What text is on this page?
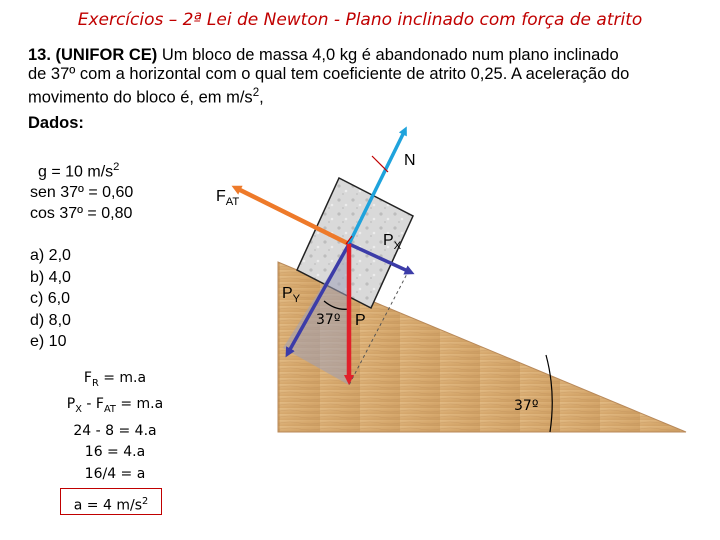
Exercícios – 2ª Lei de Newton - Plano inclinado com força de atrito
13. (UNIFOR CE) Um bloco de massa 4,0 kg é abandonado num plano inclinado
de 37º com a horizontal com o qual tem coeficiente de atrito 0,25. A aceleração do
movimento do bloco é, em $m/s^2$,
Dados:
g = 10 $m/s^2$
sen 37º = 0,60
cos 37º = 0,80
a) 2,0
b) 4,0
c) 6,0
d) 8,0
e) 10
$F_R = m.a$
$P_X - F_{AT} = m.a$
24 - 8 = 4.a
16 = 4.a
16/4 = a
a = 4 $m/s^2$
N
$F_{AT}$
$P_X$
$P_Y$
37º P
37º
